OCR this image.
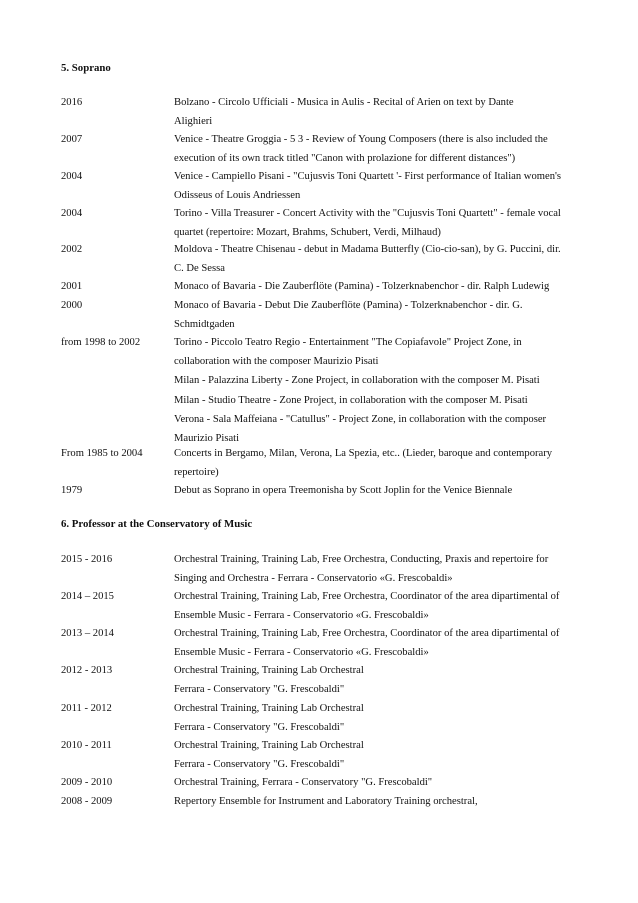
5. Soprano
2016	Bolzano - Circolo Ufficiali - Musica in Aulis - Recital of Arien on text by Dante
Alighieri
2007	Venice - Theatre Groggia - 5 3 - Review of Young Composers (there is also included the
execution of its own track titled "Canon with prolazione for different distances")
2004	Venice - Campiello Pisani - "Cujusvis Toni Quartett '- First performance of Italian women's
Odisseus of Louis Andriessen
2004	Torino - Villa Treasurer - Concert Activity with the "Cujusvis Toni Quartett" - female vocal
quartet (repertoire: Mozart, Brahms, Schubert, Verdi, Milhaud)
2002	Moldova - Theatre Chisenau - debut in Madama Butterfly (Cio-cio-san), by G. Puccini, dir.
C. De Sessa
2001	Monaco of Bavaria - Die Zauberflöte (Pamina) - Tolzerknabenchor - dir. Ralph Ludewig
2000	Monaco of Bavaria - Debut Die Zauberflöte (Pamina) - Tolzerknabenchor - dir. G.
Schmidtgaden
from 1998 to 2002	Torino - Piccolo Teatro Regio - Entertainment "The Copiafavole" Project Zone, in
collaboration with the composer Maurizio Pisati
Milan - Palazzina Liberty - Zone Project, in collaboration with the composer M. Pisati
Milan - Studio Theatre - Zone Project, in collaboration with the composer M. Pisati
Verona - Sala Maffeiana - "Catullus" - Project Zone, in collaboration with the composer
Maurizio Pisati
From 1985 to 2004	Concerts in Bergamo, Milan, Verona, La Spezia, etc.. (Lieder, baroque and contemporary
repertoire)
1979	Debut as Soprano in opera Treemonisha by Scott Joplin for the Venice Biennale
6. Professor at the Conservatory of Music
2015 - 2016	Orchestral Training, Training Lab, Free Orchestra, Conducting, Praxis and repertoire for
Singing and Orchestra - Ferrara - Conservatorio «G. Frescobaldi»
2014 – 2015	Orchestral Training, Training Lab, Free Orchestra, Coordinator of the area dipartimental of
Ensemble Music - Ferrara - Conservatorio «G. Frescobaldi»
2013 – 2014	Orchestral Training, Training Lab, Free Orchestra, Coordinator of the area dipartimental of
Ensemble Music - Ferrara - Conservatorio «G. Frescobaldi»
2012 - 2013	Orchestral Training, Training Lab Orchestral
Ferrara - Conservatory "G. Frescobaldi"
2011 - 2012	Orchestral Training, Training Lab Orchestral
Ferrara - Conservatory "G. Frescobaldi"
2010 - 2011	Orchestral Training, Training Lab Orchestral
Ferrara - Conservatory "G. Frescobaldi"
2009 - 2010	Orchestral Training, Ferrara - Conservatory "G. Frescobaldi"
2008 - 2009	Repertory Ensemble for Instrument and Laboratory Training orchestral,
